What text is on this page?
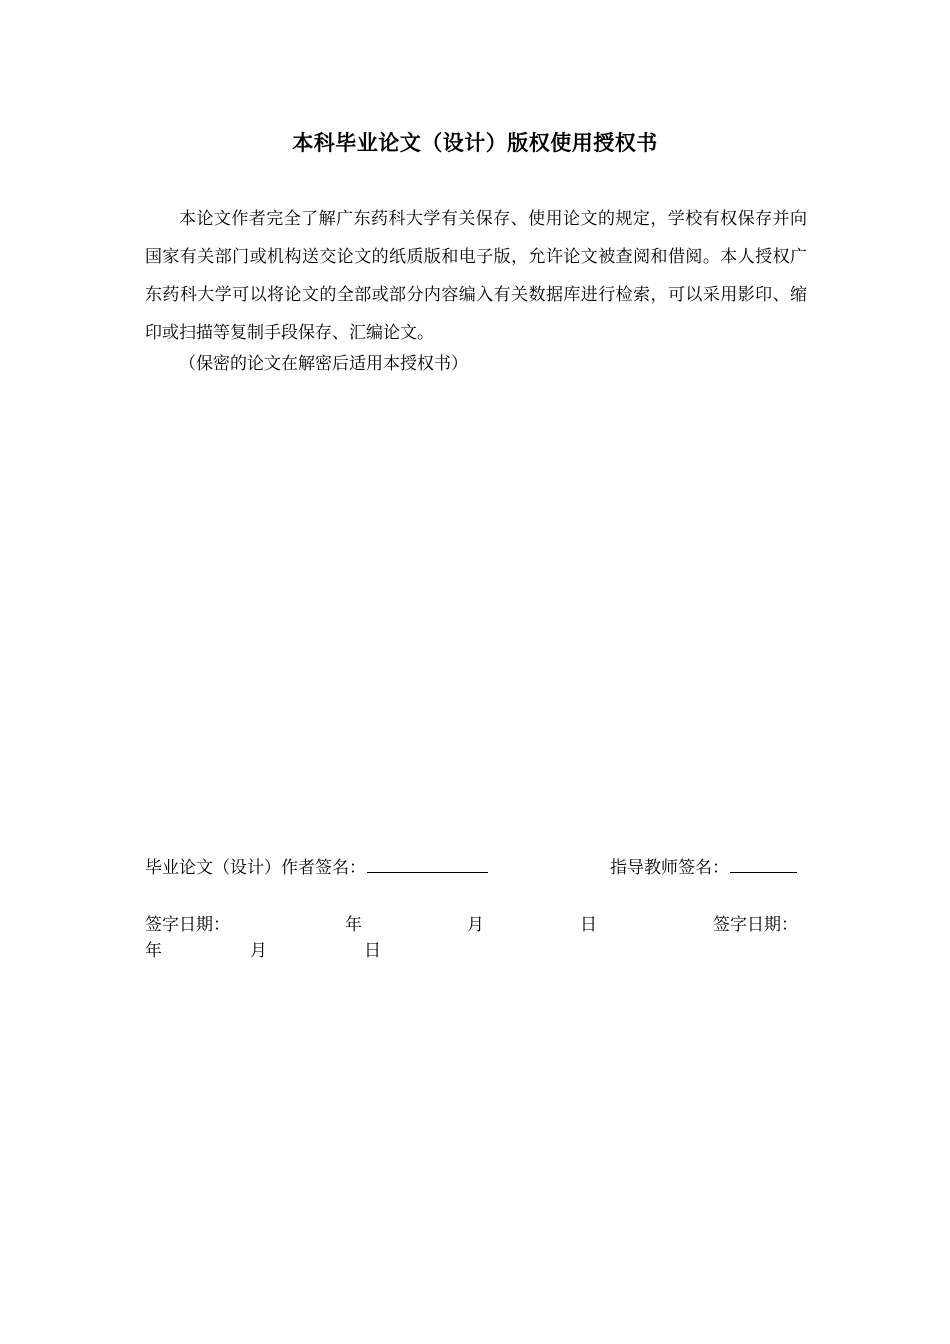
本科毕业论文（设计）版权使用授权书

本论文作者完全了解广东药科大学有关保存、使用论文的规定，学校有权保存并向国家有关部门或机构送交论文的纸质版和电子版，允许论文被查阅和借阅。本人授权广东药科大学可以将论文的全部或部分内容编入有关数据库进行检索，可以采用影印、缩印或扫描等复制手段保存、汇编论文。

（保密的论文在解密后适用本授权书）

毕业论文（设计）作者签名：	指导教师签名：
签字日期：	年	月	日	签字日期：
年	月	日
